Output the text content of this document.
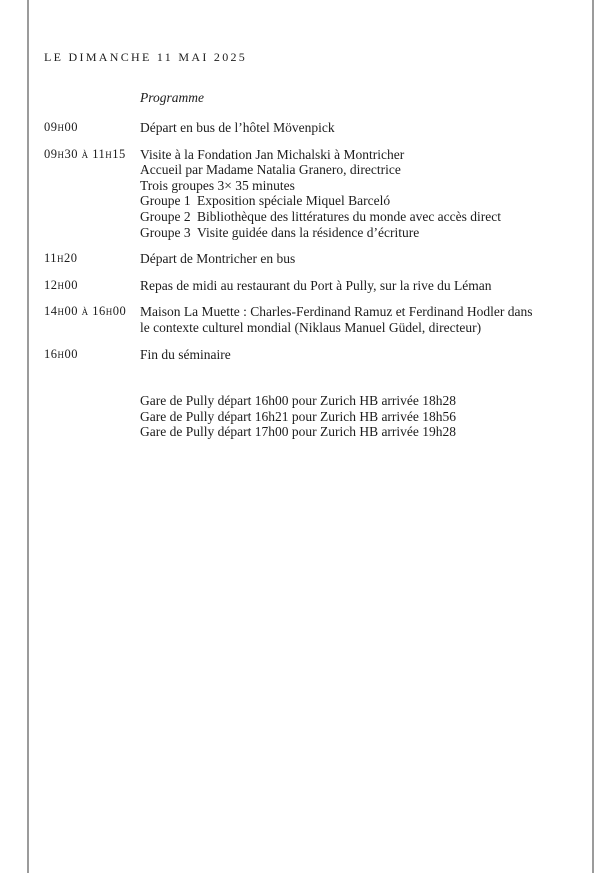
LE DIMANCHE 11 MAI 2025
Programme
09h00	Départ en bus de l’hôtel Mövenpick
09h30 à 11h15	Visite à la Fondation Jan Michalski à Montricher
Accueil par Madame Natalia Granero, directrice
Trois groupes 3× 35 minutes
Groupe 1 Exposition spéciale Miquel Barceló
Groupe 2 Bibliothèque des littératures du monde avec accès direct
Groupe 3 Visite guidée dans la résidence d’écriture
11h20	Départ de Montricher en bus
12h00	Repas de midi au restaurant du Port à Pully, sur la rive du Léman
14h00 à 16h00	Maison La Muette : Charles-Ferdinand Ramuz et Ferdinand Hodler dans
le contexte culturel mondial (Niklaus Manuel Güdel, directeur)
16h00	Fin du séminaire
Gare de Pully départ 16h00 pour Zurich HB arrivée 18h28
Gare de Pully départ 16h21 pour Zurich HB arrivée 18h56
Gare de Pully départ 17h00 pour Zurich HB arrivée 19h28
